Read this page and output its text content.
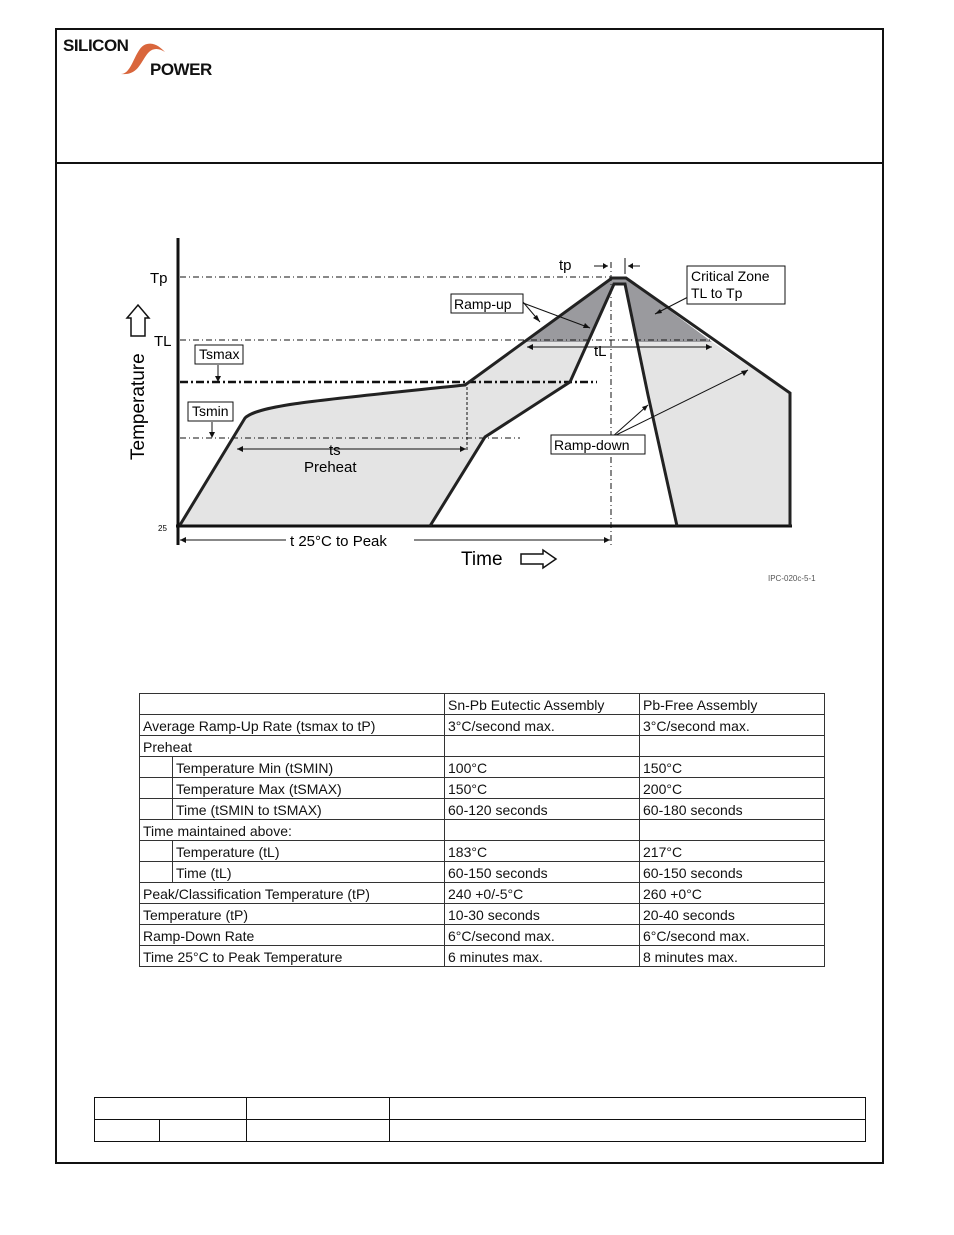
SILICON
POWER
Tp
TL
25
Tsmax
Tsmin
Temperature
tp
Critical Zone
TL to Tp
Ramp-up
Ramp-down
tL
ts
Preheat
t 25°C to Peak
Time
IPC-020c-5-1
		Sn-Pb Eutectic Assembly	Pb-Free Assembly
Average Ramp-Up Rate (tsmax to tP)		3°C/second max.	3°C/second max.
Preheat			
	Temperature Min (tSMIN)	100°C	150°C
	Temperature Max (tSMAX)	150°C	200°C
	Time (tSMIN to tSMAX)	60-120 seconds	60-180 seconds
Time maintained above:			
	Temperature (tL)	183°C	217°C
	Time (tL)	60-150 seconds	60-150 seconds
Peak/Classification Temperature (tP)		240 +0/-5°C	260 +0°C
Temperature (tP)		10-30 seconds	20-40 seconds
Ramp-Down Rate		6°C/second max.	6°C/second max.
Time 25°C to Peak Temperature		6 minutes max.	8 minutes max.
